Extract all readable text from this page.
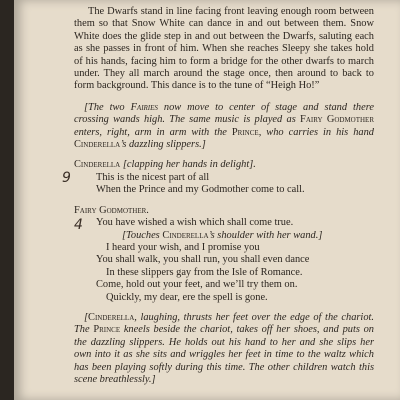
The Dwarfs stand in line facing front leaving enough room between them so that Snow White can dance in and out between them. Snow White does the glide step in and out between the Dwarfs, saluting each as she passes in front of him. When she reaches Sleepy she takes hold of his hands, facing him to form a bridge for the other dwarfs to march under. They all march around the stage once, then around to back to form background. This dance is to the tune of “Heigh Ho!”

[The two Fairies now move to center of stage and stand there crossing wands high. The same music is played as Fairy Godmother enters, right, arm in arm with the Prince, who carries in his hand Cinderella’s dazzling slippers.]

Cinderella [clapping her hands in delight].

This is the nicest part of all

When the Prince and my Godmother come to call.

Fairy Godmother.

You have wished a wish which shall come true.

[Touches Cinderella’s shoulder with her wand.]

I heard your wish, and I promise you

You shall walk, you shall run, you shall even dance

In these slippers gay from the Isle of Romance.

Come, hold out your feet, and we’ll try them on.

Quickly, my dear, ere the spell is gone.

[Cinderella, laughing, thrusts her feet over the edge of the chariot. The Prince kneels beside the chariot, takes off her shoes, and puts on the dazzling slippers. He holds out his hand to her and she slips her own into it as she sits and wriggles her feet in time to the waltz which has been playing softly during this time. The other children watch this scene breathlessly.]

9
4
